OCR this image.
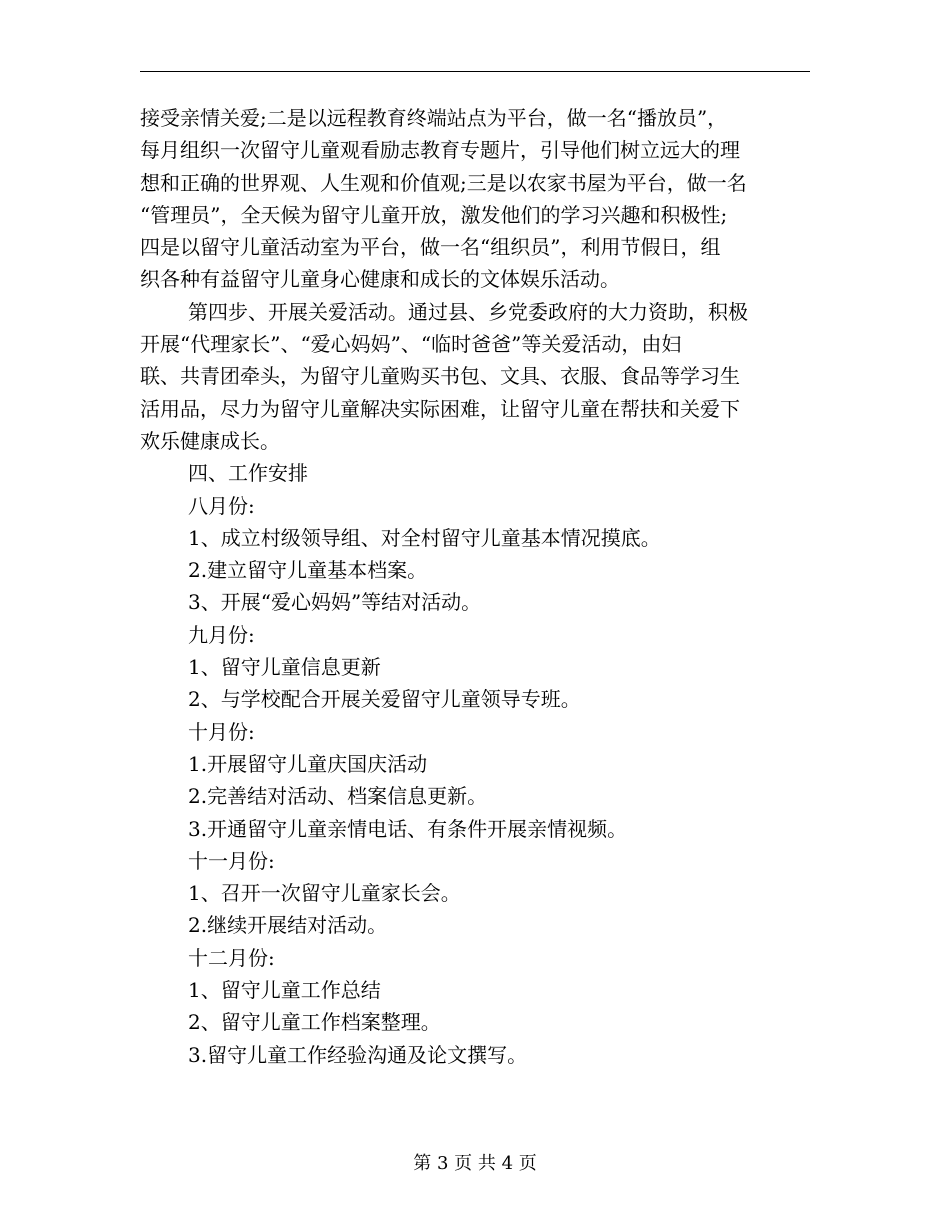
接受亲情关爱;二是以远程教育终端站点为平台，做一名“播放员”，
每月组织一次留守儿童观看励志教育专题片，引导他们树立远大的理
想和正确的世界观、人生观和价值观;三是以农家书屋为平台，做一名
“管理员”，全天候为留守儿童开放，激发他们的学习兴趣和积极性;
四是以留守儿童活动室为平台，做一名“组织员”，利用节假日，组
织各种有益留守儿童身心健康和成长的文体娱乐活动。
第四步、开展关爱活动。通过县、乡党委政府的大力资助，积极
开展“代理家长”、“爱心妈妈”、“临时爸爸”等关爱活动，由妇
联、共青团牵头，为留守儿童购买书包、文具、衣服、食品等学习生
活用品，尽力为留守儿童解决实际困难，让留守儿童在帮扶和关爱下
欢乐健康成长。
四、工作安排
八月份:
1、成立村级领导组、对全村留守儿童基本情况摸底。
2.建立留守儿童基本档案。
3、开展“爱心妈妈”等结对活动。
九月份:
1、留守儿童信息更新
2、与学校配合开展关爱留守儿童领导专班。
十月份:
1.开展留守儿童庆国庆活动
2.完善结对活动、档案信息更新。
3.开通留守儿童亲情电话、有条件开展亲情视频。
十一月份:
1、召开一次留守儿童家长会。
2.继续开展结对活动。
十二月份:
1、留守儿童工作总结
2、留守儿童工作档案整理。
3.留守儿童工作经验沟通及论文撰写。
第 3 页 共 4 页
